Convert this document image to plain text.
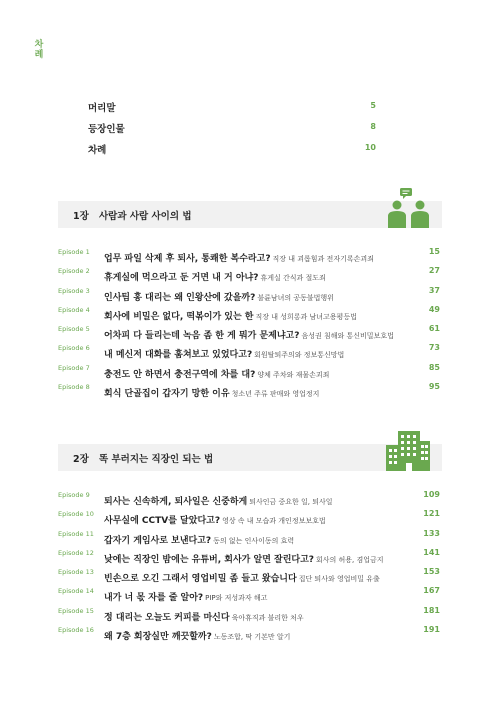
차례
머리말	5
등장인물	8
차례	10
1장 사람과 사람 사이의 법
Episode 1
업무 파일 삭제 후 퇴사, 통쾌한 복수라고? 직장 내 괴롭힘과 전자기록손괴죄
15
Episode 2
휴게실에 먹으라고 둔 거면 내 거 아냐? 휴게실 간식과 절도죄
27
Episode 3
인사팀 홍 대리는 왜 인왕산에 갔을까? 불륜남녀의 공동불법행위
37
Episode 4
회사에 비밀은 없다, 떡볶이가 있는 한 직장 내 성희롱과 남녀고용평등법
49
Episode 5
어차피 다 들리는데 녹음 좀 한 게 뭐가 문제냐고? 음성권 침해와 통신비밀보호법
61
Episode 6
내 메신저 대화를 훔쳐보고 있었다고? 회원탈퇴주의와 정보통신망법
73
Episode 7
충전도 안 하면서 충전구역에 차를 대? 양체 주차와 재물손괴죄
85
Episode 8
회식 단골집이 갑자기 망한 이유 청소년 주류 판매와 영업정지
95
2장 똑 부러지는 직장인 되는 법
Episode 9
퇴사는 신속하게, 퇴사일은 신중하게 퇴사인금 중요한 일, 퇴사일
109
Episode 10
사무실에 CCTV를 달았다고? 영상 속 내 모습과 개인정보보호법
121
Episode 11
갑자기 게임사로 보낸다고? 동의 없는 인사이동의 효력
133
Episode 12
낮에는 직장인 밤에는 유튜버, 회사가 알면 잘린다고? 회사의 허용, 겸업금지
141
Episode 13
빈손으로 오긴 그래서 영업비밀 좀 들고 왔습니다 집단 퇴사와 영업비밀 유출
153
Episode 14
내가 너 몫 자를 줄 알아? PIP와 저성과자 해고
167
Episode 15
정 대리는 오늘도 커피를 마신다 육아휴직과 불리한 처우
181
Episode 16
왜 7층 회장실만 깨끗할까? 노동조합, 딱 기본만 알기
191
